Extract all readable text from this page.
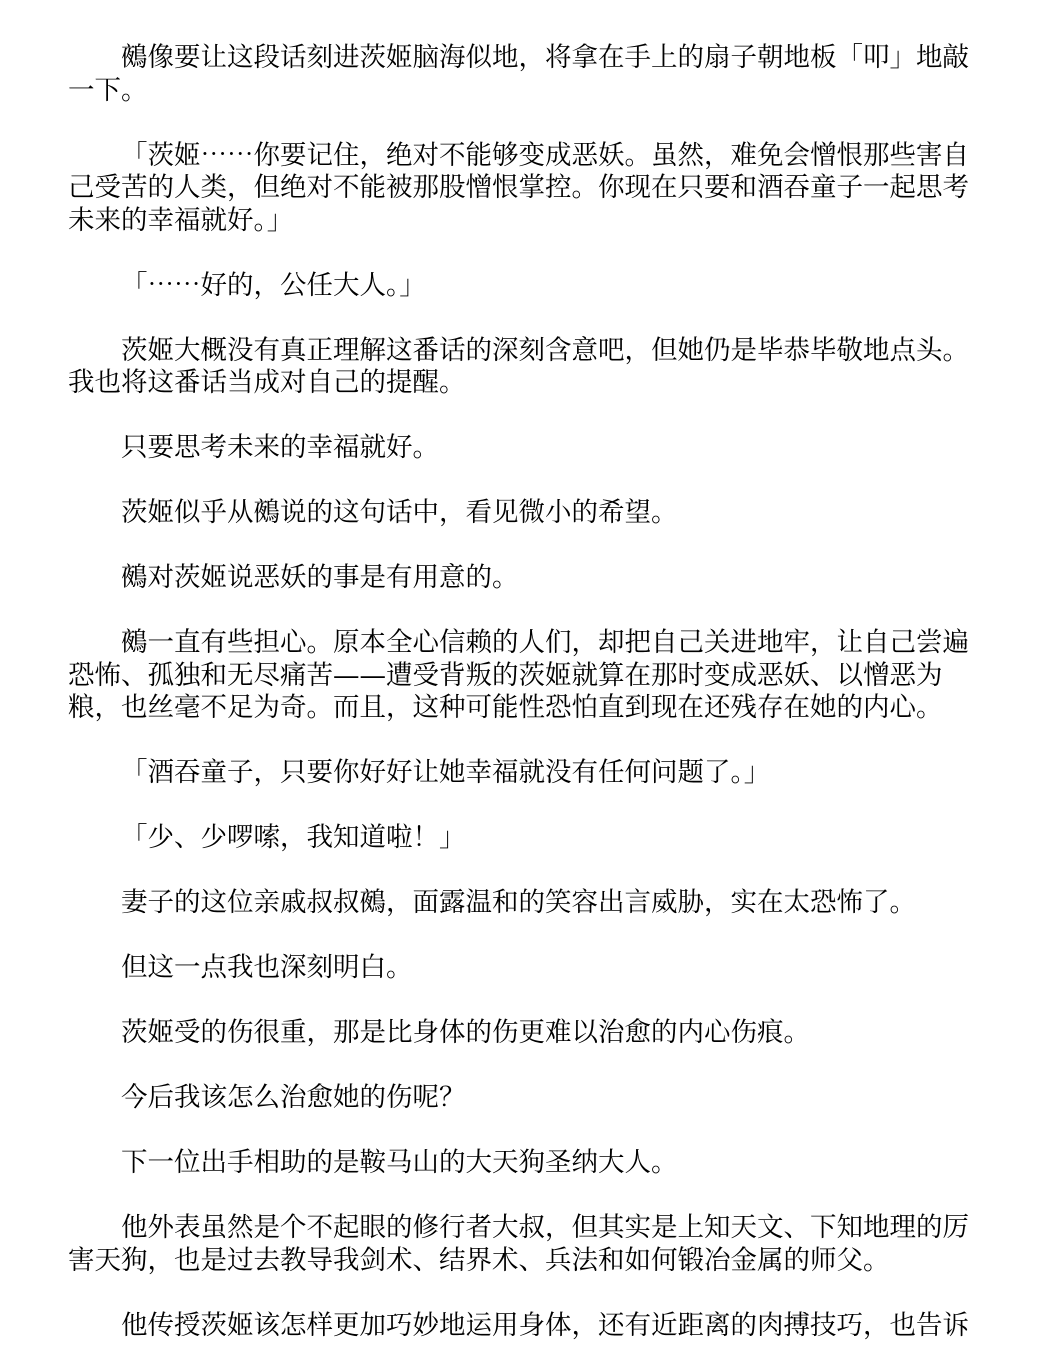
鵺像要让这段话刻进茨姬脑海似地，将拿在手上的扇子朝地板「叩」地敲一下。

「茨姬⋯⋯你要记住，绝对不能够变成恶妖。虽然，难免会憎恨那些害自己受苦的人类，但绝对不能被那股憎恨掌控。你现在只要和酒吞童子一起思考未来的幸福就好。」

「⋯⋯好的，公任大人。」

茨姬大概没有真正理解这番话的深刻含意吧，但她仍是毕恭毕敬地点头。我也将这番话当成对自己的提醒。

只要思考未来的幸福就好。

茨姬似乎从鵺说的这句话中，看见微小的希望。

鵺对茨姬说恶妖的事是有用意的。

鵺一直有些担心。原本全心信赖的人们，却把自己关进地牢，让自己尝遍恐怖、孤独和无尽痛苦——遭受背叛的茨姬就算在那时变成恶妖、以憎恶为粮，也丝毫不足为奇。而且，这种可能性恐怕直到现在还残存在她的内心。

「酒吞童子，只要你好好让她幸福就没有任何问题了。」

「少、少啰嗦，我知道啦！」

妻子的这位亲戚叔叔鵺，面露温和的笑容出言威胁，实在太恐怖了。

但这一点我也深刻明白。

茨姬受的伤很重，那是比身体的伤更难以治愈的内心伤痕。

今后我该怎么治愈她的伤呢？

下一位出手相助的是鞍马山的大天狗圣纳大人。

他外表虽然是个不起眼的修行者大叔，但其实是上知天文、下知地理的厉害天狗，也是过去教导我剑术、结界术、兵法和如何锻冶金属的师父。

他传授茨姬该怎样更加巧妙地运用身体，还有近距离的肉搏技巧，也告诉
